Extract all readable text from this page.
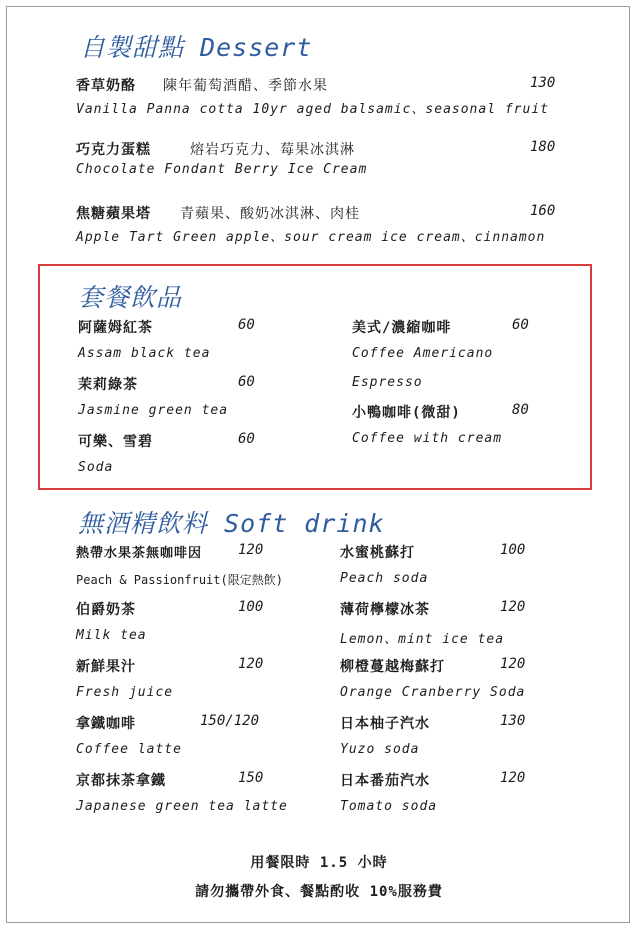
自製甜點 Dessert
香草奶酪 陳年葡萄酒醋、季節水果	130
Vanilla Panna cotta 10yr aged balsamic、seasonal fruit
巧克力蛋糕	熔岩巧克力、莓果冰淇淋	180
Chocolate Fondant Berry Ice Cream
焦糖蘋果塔 青蘋果、酸奶冰淇淋、肉桂	160
Apple Tart Green apple、sour cream ice cream、cinnamon
套餐飲品
阿薩姆紅茶	60
Assam black tea
茉莉綠茶	60
Jasmine green tea
可樂、雪碧	60
Soda
美式/濃縮咖啡	60
Coffee Americano
Espresso
小鴨咖啡(微甜)	80
Coffee with cream
無酒精飲料 Soft drink
熱帶水果茶無咖啡因	120
Peach & Passionfruit(限定熱飲)
伯爵奶茶	100
Milk tea
新鮮果汁	120
Fresh juice
拿鐵咖啡	150/120
Coffee latte
京都抹茶拿鐵	150
Japanese green tea latte
水蜜桃蘇打	100
Peach soda
薄荷檸檬冰茶	120
Lemon、mint ice tea
柳橙蔓越梅蘇打	120
Orange Cranberry Soda
日本柚子汽水	130
Yuzo soda
日本番茄汽水	120
Tomato soda
用餐限時 1.5 小時
請勿攜帶外食、餐點酌收 10%服務費
